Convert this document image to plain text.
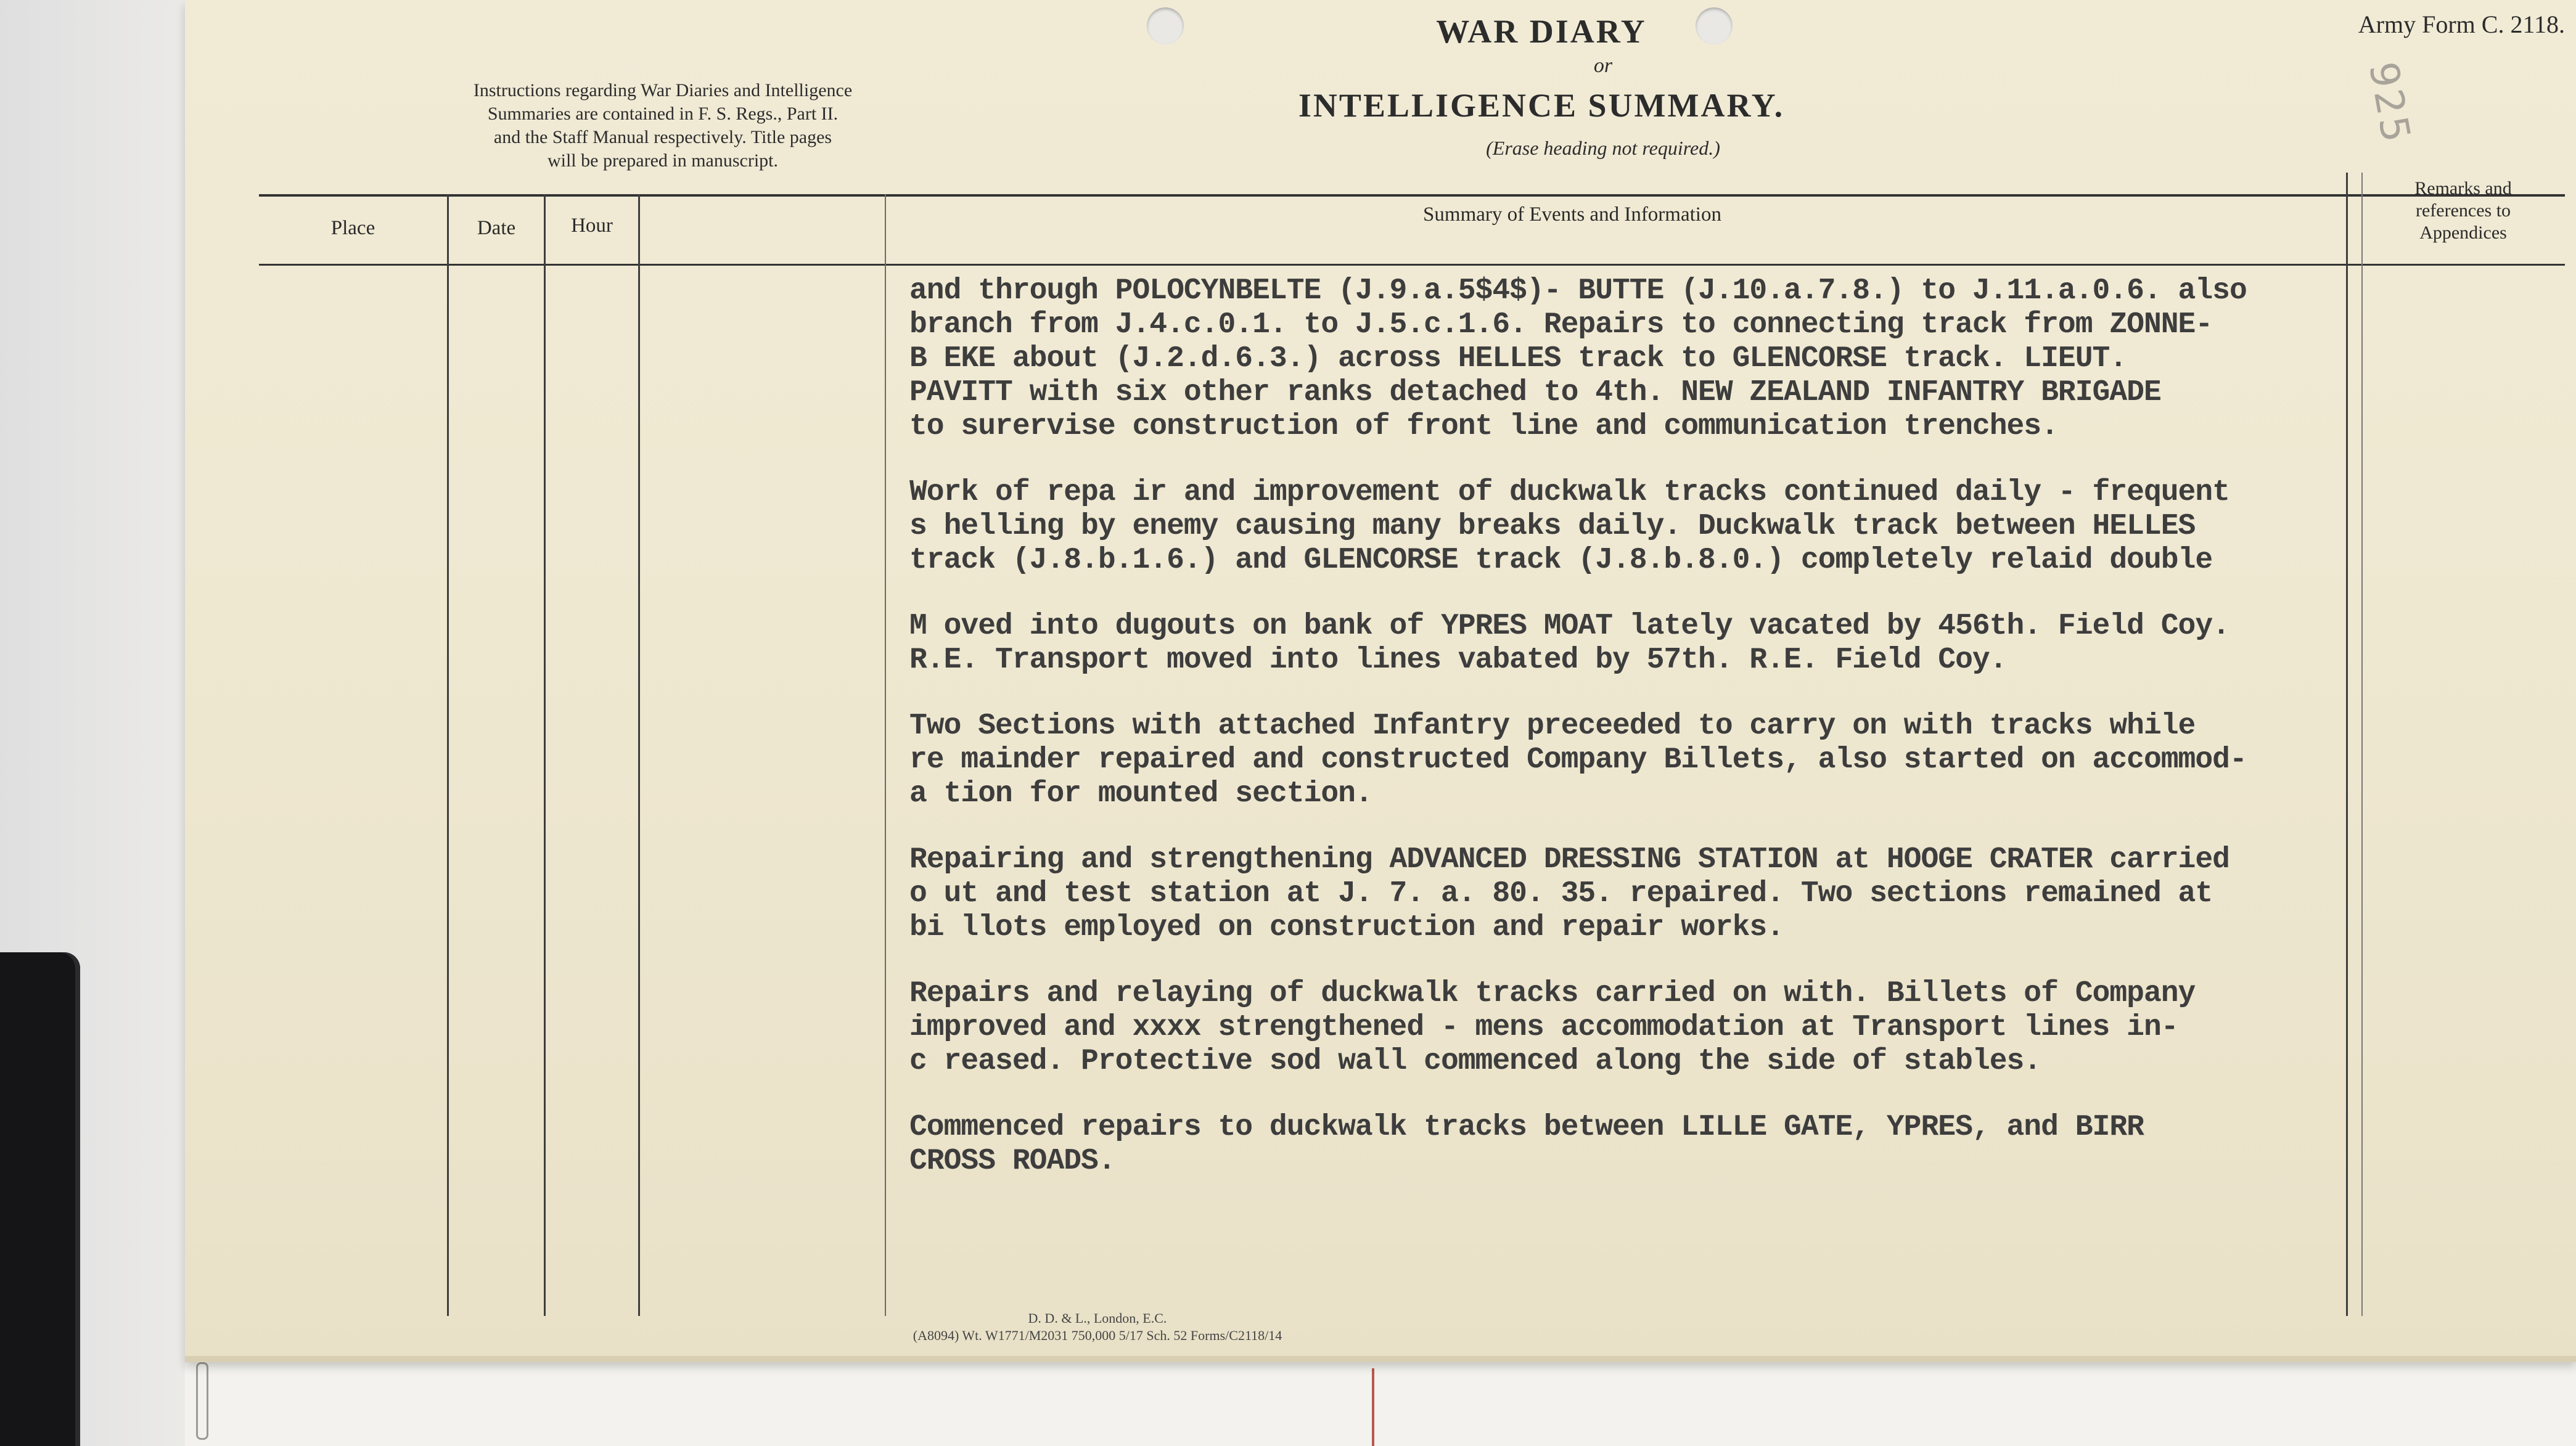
Instructions regarding War Diaries and Intelligence
Summaries are contained in F. S. Regs., Part II.
and the Staff Manual respectively. Title pages
will be prepared in manuscript.
WAR DIARY
or
INTELLIGENCE SUMMARY.
(Erase heading not required.)
Army Form C. 2118.
925
Place	Date	Hour	Summary of Events and Information
Remarks and
references to
Appendices
and through POLOCYNBELTE (J.9.a.5$4$)- BUTTE (J.10.a.7.8.) to J.11.a.0.6. also
branch from J.4.c.0.1. to J.5.c.1.6. Repairs to connecting track from ZONNE-
B EKE about (J.2.d.6.3.) across HELLES track to GLENCORSE track. LIEUT.
PAVITT with six other ranks detached to 4th. NEW ZEALAND INFANTRY BRIGADE
to surervise construction of front line and communication trenches.
Work of repa ir and improvement of duckwalk tracks continued daily - frequent
s helling by enemy causing many breaks daily. Duckwalk track between HELLES
track (J.8.b.1.6.) and GLENCORSE track (J.8.b.8.0.) completely relaid double
M oved into dugouts on bank of YPRES MOAT lately vacated by 456th. Field Coy.
R.E. Transport moved into lines vabated by 57th. R.E. Field Coy.
Two Sections with attached Infantry preceeded to carry on with tracks while
re mainder repaired and constructed Company Billets, also started on accommod-
a tion for mounted section.
Repairing and strengthening ADVANCED DRESSING STATION at HOOGE CRATER carried
o ut and test station at J. 7. a. 80. 35. repaired. Two sections remained at
bi llots employed on construction and repair works.
Repairs and relaying of duckwalk tracks carried on with. Billets of Company
improved and xxxx strengthened - mens accommodation at Transport lines in-
c reased. Protective sod wall commenced along the side of stables.
Commenced repairs to duckwalk tracks between LILLE GATE, YPRES, and BIRR
CROSS ROADS.
D. D. & L., London, E.C.
(A8094) Wt. W1771/M2031 750,000 5/17 Sch. 52 Forms/C2118/14
